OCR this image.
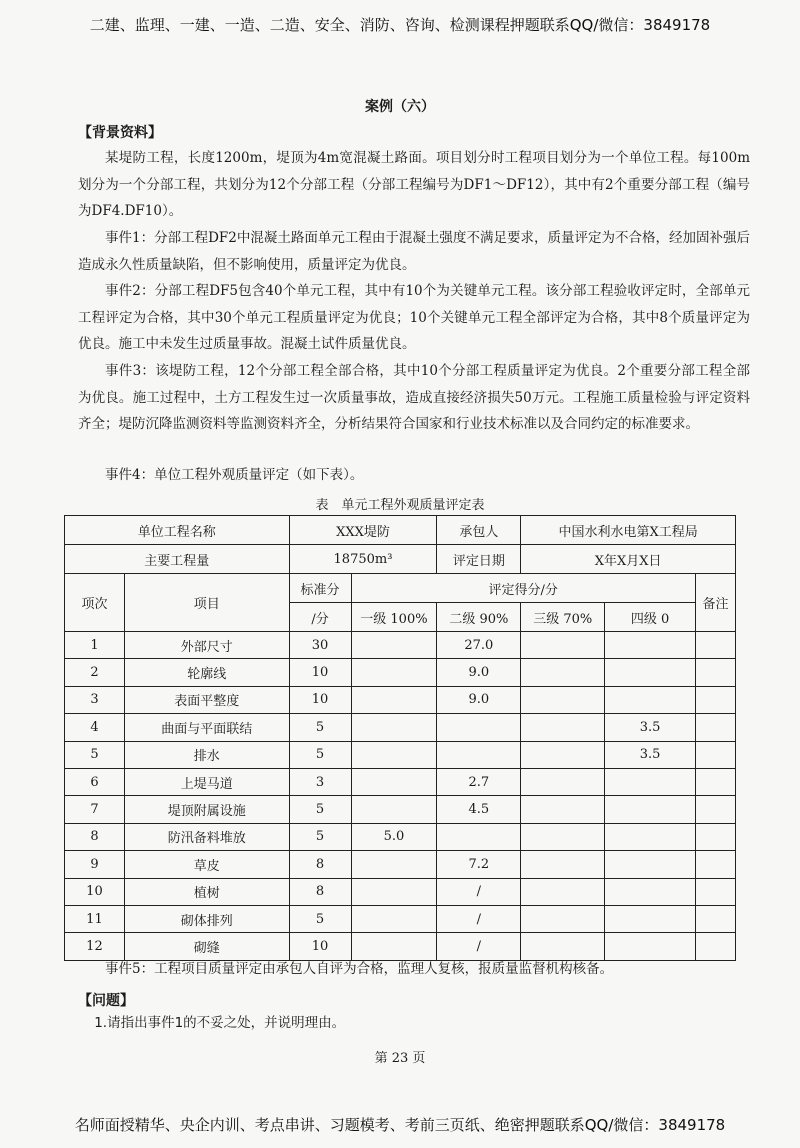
二建、监理、一建、一造、二造、安全、消防、咨询、检测课程押题联系QQ/微信：3849178
案例（六）
【背景资料】

某堤防工程，长度1200m，堤顶为4m宽混凝土路面。项目划分时工程项目划分为一个单位工程。每100m划分为一个分部工程，共划分为12个分部工程（分部工程编号为DF1～DF12），其中有2个重要分部工程（编号为DF4.DF10）。

事件1：分部工程DF2中混凝土路面单元工程由于混凝土强度不满足要求，质量评定为不合格，经加固补强后造成永久性质量缺陷，但不影响使用，质量评定为优良。

事件2：分部工程DF5包含40个单元工程，其中有10个为关键单元工程。该分部工程验收评定时，全部单元工程评定为合格，其中30个单元工程质量评定为优良；10个关键单元工程全部评定为合格，其中8个质量评定为优良。施工中未发生过质量事故。混凝土试件质量优良。

事件3：该堤防工程，12个分部工程全部合格，其中10个分部工程质量评定为优良。2个重要分部工程全部为优良。施工过程中，土方工程发生过一次质量事故，造成直接经济损失50万元。工程施工质量检验与评定资料齐全；堤防沉降监测资料等监测资料齐全，分析结果符合国家和行业技术标准以及合同约定的标准要求。

事件4：单位工程外观质量评定（如下表）。

表　单元工程外观质量评定表
单位工程名称		XXX堤防		承包人	中国水利水电第X工程局		
主要工程量		18750m³		评定日期	X年X月X日		
项次	项目	标准分	评定得分/分				备注
		/分	一级 100%	二级 90%	三级 70%	四级 0	
1	外部尺寸	30		27.0			
2	轮廓线	10		9.0			
3	表面平整度	10		9.0			
4	曲面与平面联结	5				3.5	
5	排水	5				3.5	
6	上堤马道	3		2.7			
7	堤顶附属设施	5		4.5			
8	防汛备料堆放	5	5.0				
9	草皮	8		7.2			
10	植树	8		/			
11	砌体排列	5		/			
12	砌缝	10		/			

事件5：工程项目质量评定由承包人自评为合格，监理人复核，报质量监督机构核备。

【问题】
1.请指出事件1的不妥之处，并说明理由。
第 23 页
名师面授精华、央企内训、考点串讲、习题模考、考前三页纸、绝密押题联系QQ/微信：3849178
